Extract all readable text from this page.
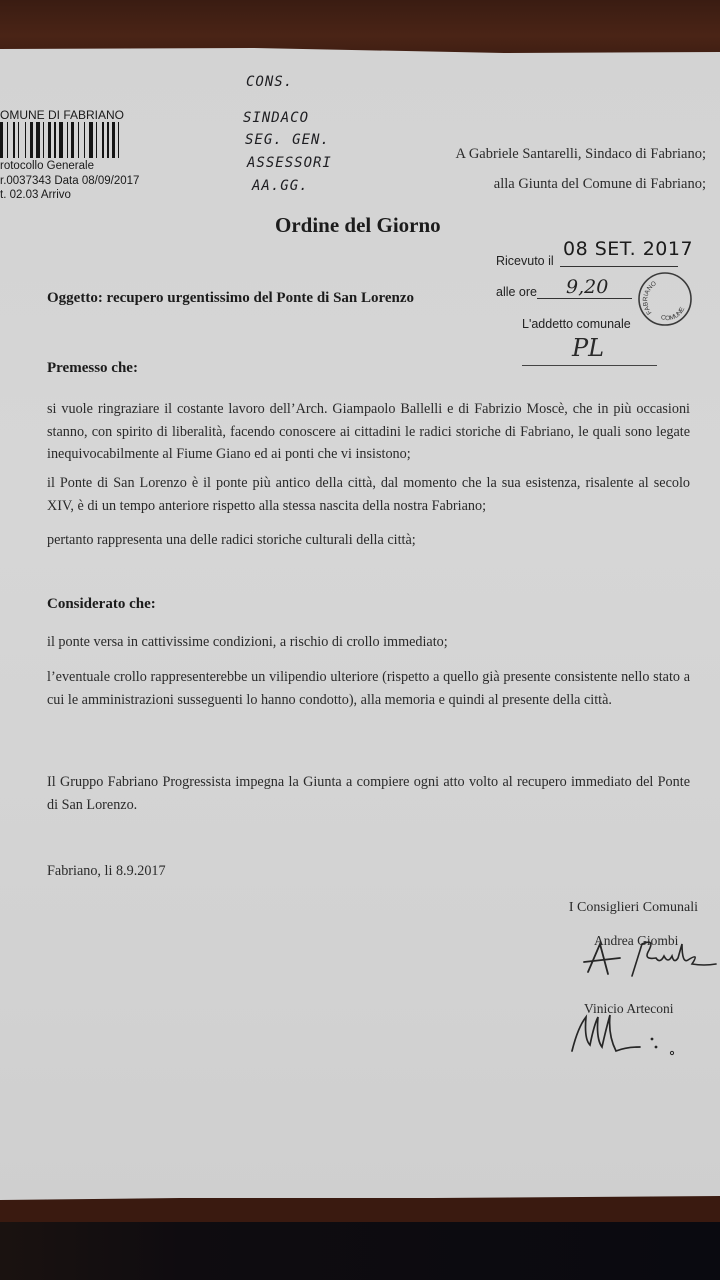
OMUNE DI FABRIANO
rotocollo Generale
r.0037343 Data 08/09/2017
t. 02.03 Arrivo
CONS.
SINDACO
SEG. GEN.
ASSESSORI
AA.GG.
A Gabriele Santarelli, Sindaco di Fabriano;
alla Giunta del Comune di Fabriano;
Ordine del Giorno
Ricevuto il
08 SET. 2017
alle ore 9,20
L'addetto comunale
PL
FABRIANO
COMUNE
Oggetto: recupero urgentissimo del Ponte di San Lorenzo
Premesso che:
si vuole ringraziare il costante lavoro dell’Arch. Giampaolo Ballelli e di Fabrizio Moscè, che in più occasioni stanno, con spirito di liberalità, facendo conoscere ai cittadini le radici storiche di Fabriano, le quali sono legate inequivocabilmente al Fiume Giano ed ai ponti che vi insistono;
il Ponte di San Lorenzo è il ponte più antico della città, dal momento che la sua esistenza, risalente al secolo XIV, è di un tempo anteriore rispetto alla stessa nascita della nostra Fabriano;
pertanto rappresenta una delle radici storiche culturali della città;
Considerato che:
il ponte versa in cattivissime condizioni, a rischio di crollo immediato;
l’eventuale crollo rappresenterebbe un vilipendio ulteriore (rispetto a quello già presente consistente nello stato a cui le amministrazioni susseguenti lo hanno condotto), alla memoria e quindi al presente della città.
Il Gruppo Fabriano Progressista impegna la Giunta a compiere ogni atto volto al recupero immediato del Ponte di San Lorenzo.
Fabriano, li 8.9.2017
I Consiglieri Comunali
Andrea Giombi
Vinicio Arteconi
